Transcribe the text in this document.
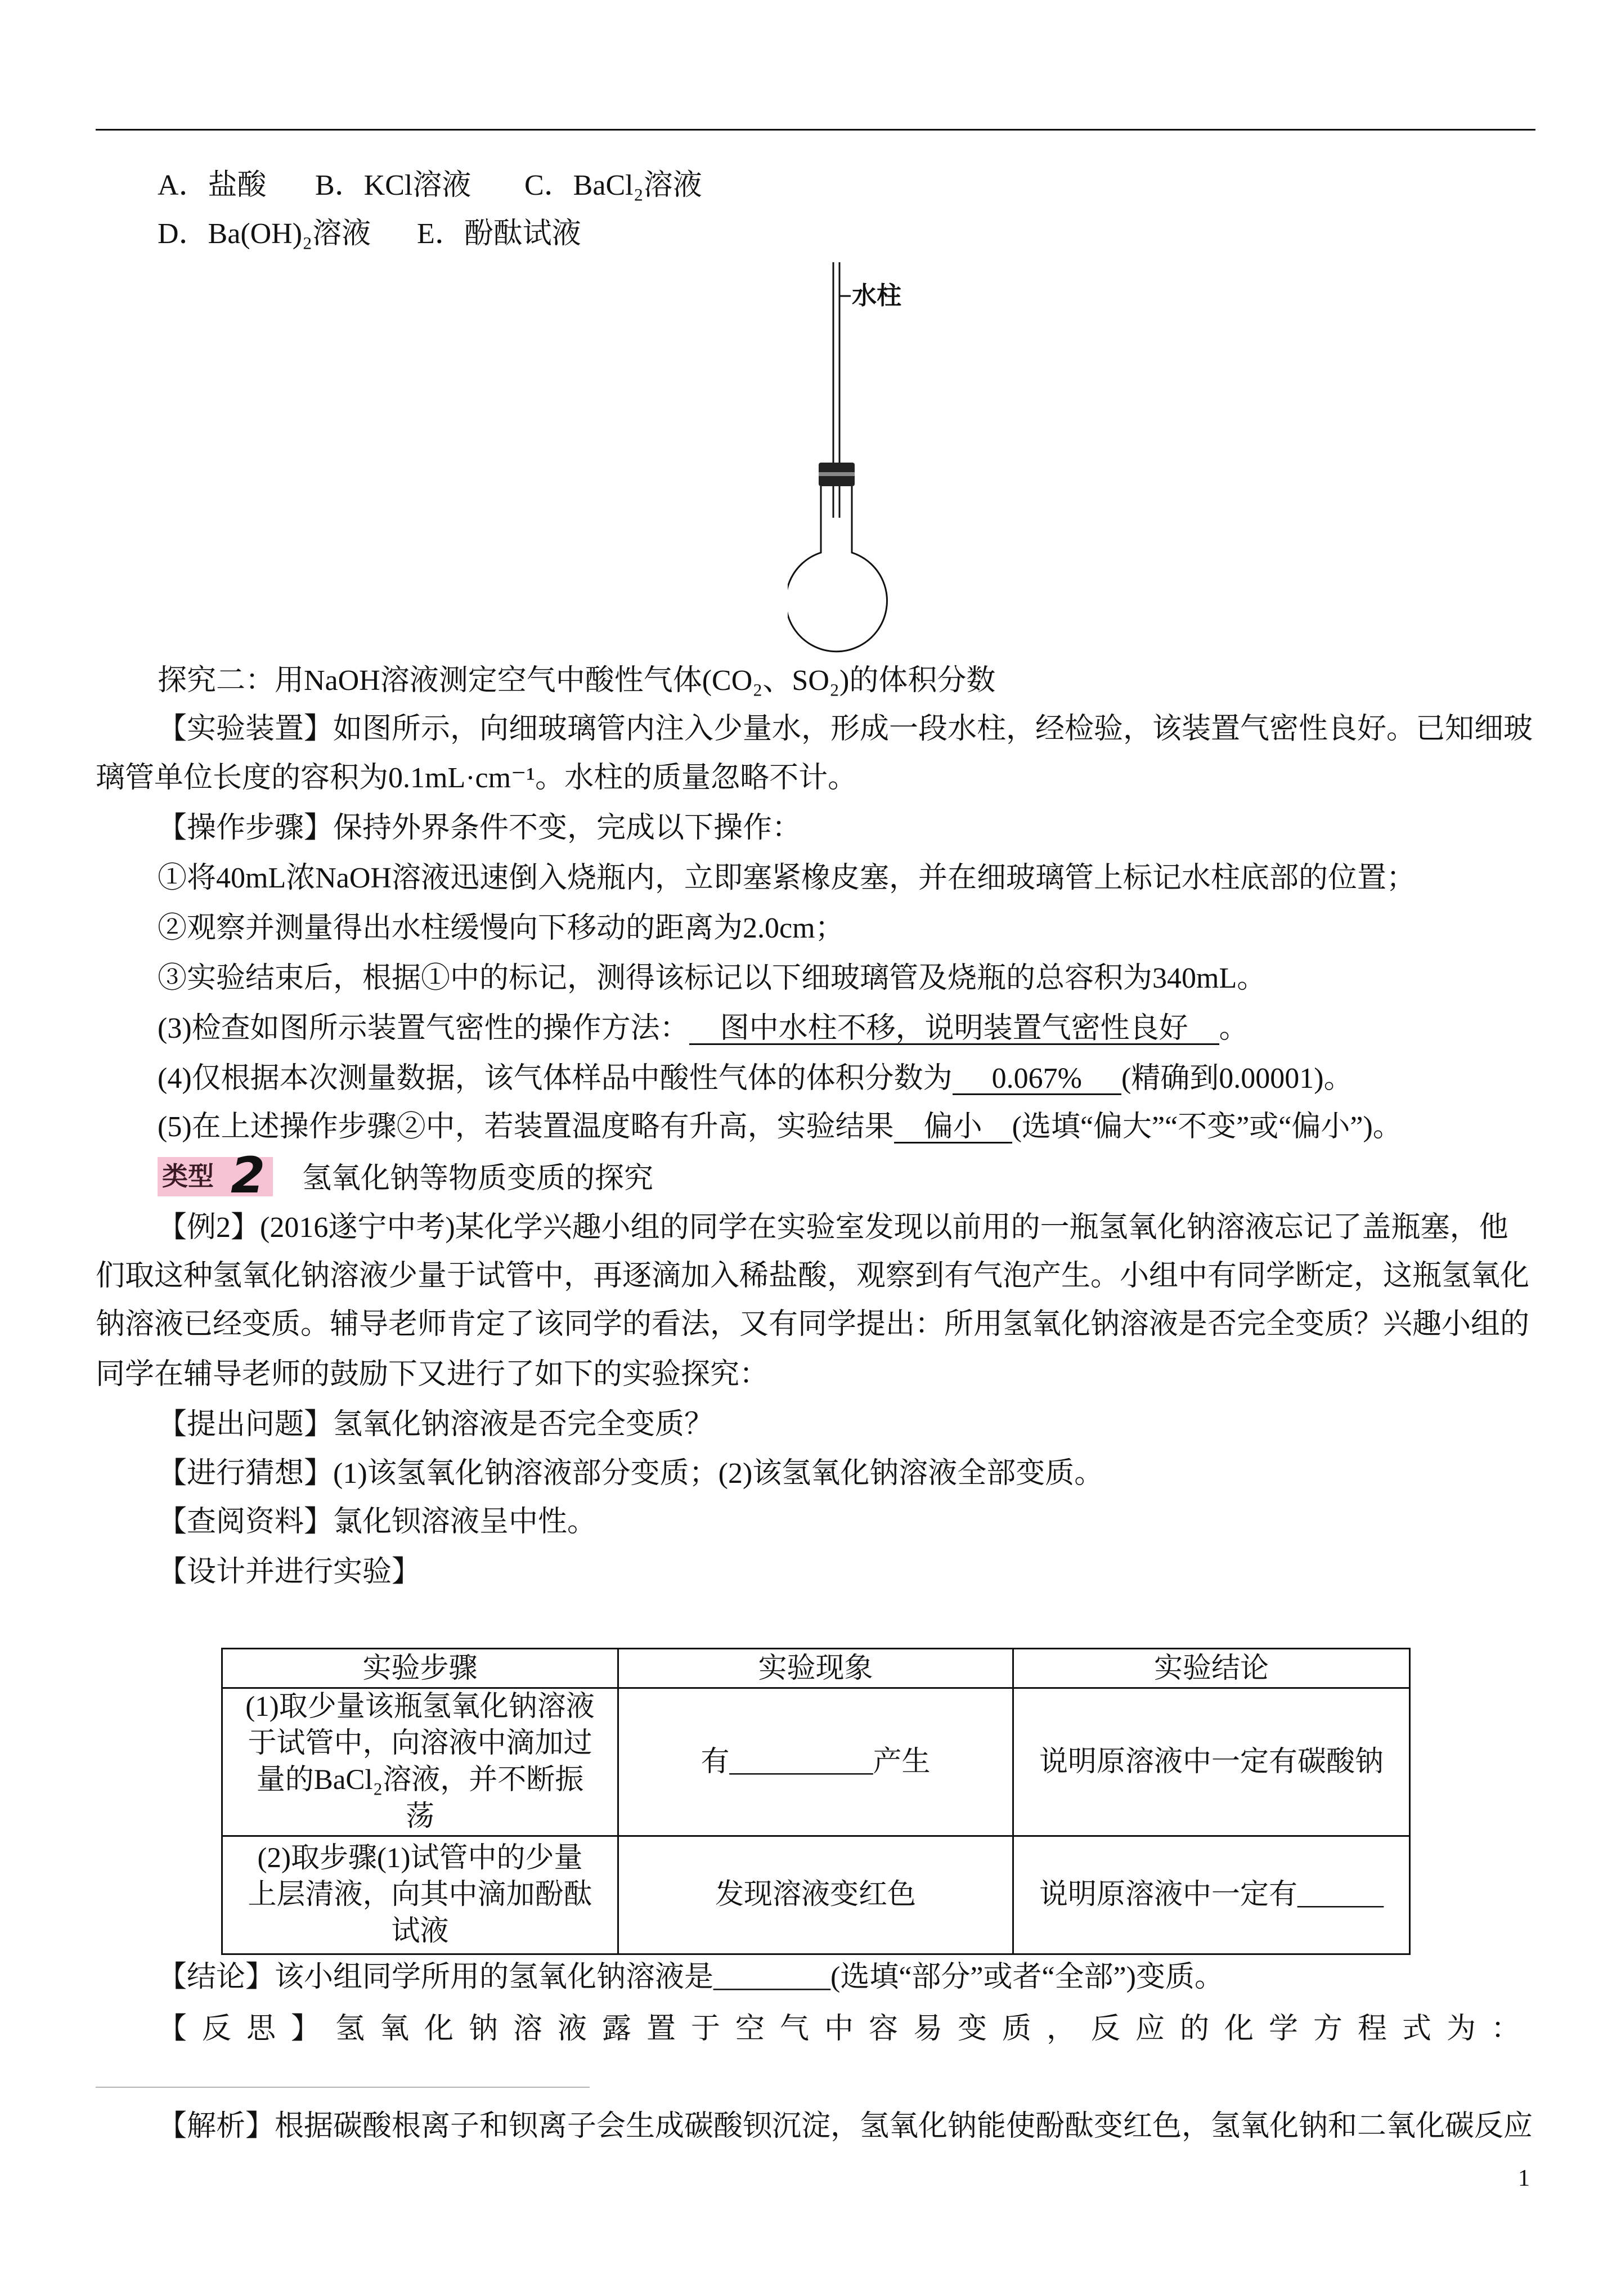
A．盐酸 B．KCl溶液 C．BaCl₂溶液
D．Ba(OH)₂溶液 E．酚酞试液
水柱
探究二：用NaOH溶液测定空气中酸性气体(CO₂、SO₂)的体积分数
【实验装置】如图所示，向细玻璃管内注入少量水，形成一段水柱，经检验，该装置气密性良好。已知细玻
璃管单位长度的容积为0.1mL·cm⁻¹。水柱的质量忽略不计。
【操作步骤】保持外界条件不变，完成以下操作：
①将40mL浓NaOH溶液迅速倒入烧瓶内，立即塞紧橡皮塞，并在细玻璃管上标记水柱底部的位置；
②观察并测量得出水柱缓慢向下移动的距离为2.0cm；
③实验结束后，根据①中的标记，测得该标记以下细玻璃管及烧瓶的总容积为340mL。
(3)检查如图所示装置气密性的操作方法： 图中水柱不移，说明装置气密性良好 。
(4)仅根据本次测量数据，该气体样品中酸性气体的体积分数为 0.067% (精确到0.00001)。
(5)在上述操作步骤②中，若装置温度略有升高，实验结果 偏小 (选填“偏大”“不变”或“偏小”)。
类型 2 氢氧化钠等物质变质的探究
【例2】(2016遂宁中考)某化学兴趣小组的同学在实验室发现以前用的一瓶氢氧化钠溶液忘记了盖瓶塞，他
们取这种氢氧化钠溶液少量于试管中，再逐滴加入稀盐酸，观察到有气泡产生。小组中有同学断定，这瓶氢氧化
钠溶液已经变质。辅导老师肯定了该同学的看法，又有同学提出：所用氢氧化钠溶液是否完全变质？兴趣小组的
同学在辅导老师的鼓励下又进行了如下的实验探究：
【提出问题】氢氧化钠溶液是否完全变质？
【进行猜想】(1)该氢氧化钠溶液部分变质；(2)该氢氧化钠溶液全部变质。
【查阅资料】氯化钡溶液呈中性。
【设计并进行实验】
实验步骤	实验现象	实验结论

(1)取少量该瓶氢氧化钠溶液
于试管中，向溶液中滴加过
量的BaCl₂溶液，并不断振
荡	有__________产生	说明原溶液中一定有碳酸钠

(2)取步骤(1)试管中的少量
上层清液，向其中滴加酚酞
试液	发现溶液变红色	说明原溶液中一定有______
【结论】该小组同学所用的氢氧化钠溶液是________(选填“部分”或者“全部”)变质。
【反思】氢氧化钠溶液露置于空气中容易变质，反应的化学方程式为：
【解析】根据碳酸根离子和钡离子会生成碳酸钡沉淀，氢氧化钠能使酚酞变红色，氢氧化钠和二氧化碳反应
1
